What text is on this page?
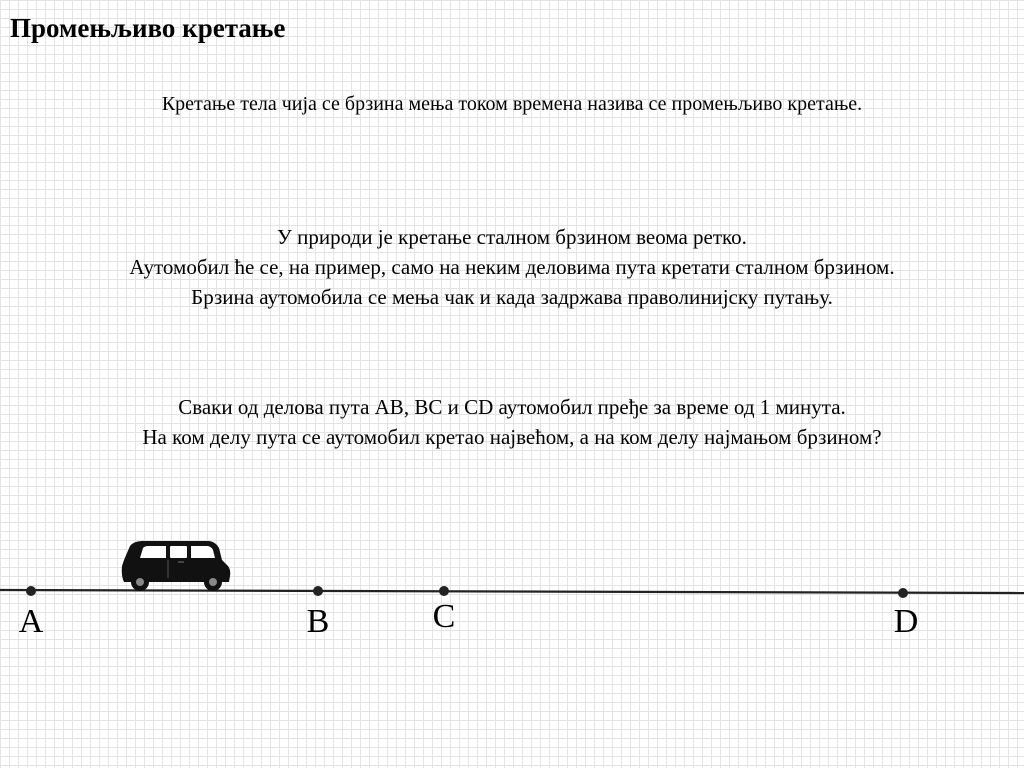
Промењљиво кретање
Кретање тела чија се брзина мења током времена назива се промењљиво кретање.
У природи је кретање сталном брзином веома ретко.
Аутомобил ће се, на пример, само на неким деловима пута кретати сталном брзином.
Брзина аутомобила се мења чак и када задржава праволинијску путању.
Сваки од делова пута AB, BC и CD аутомобил пређе за време од 1 минута.
На ком делу пута се аутомобил кретао највећом, а на ком делу најмањом брзином?
A	B	C	D
